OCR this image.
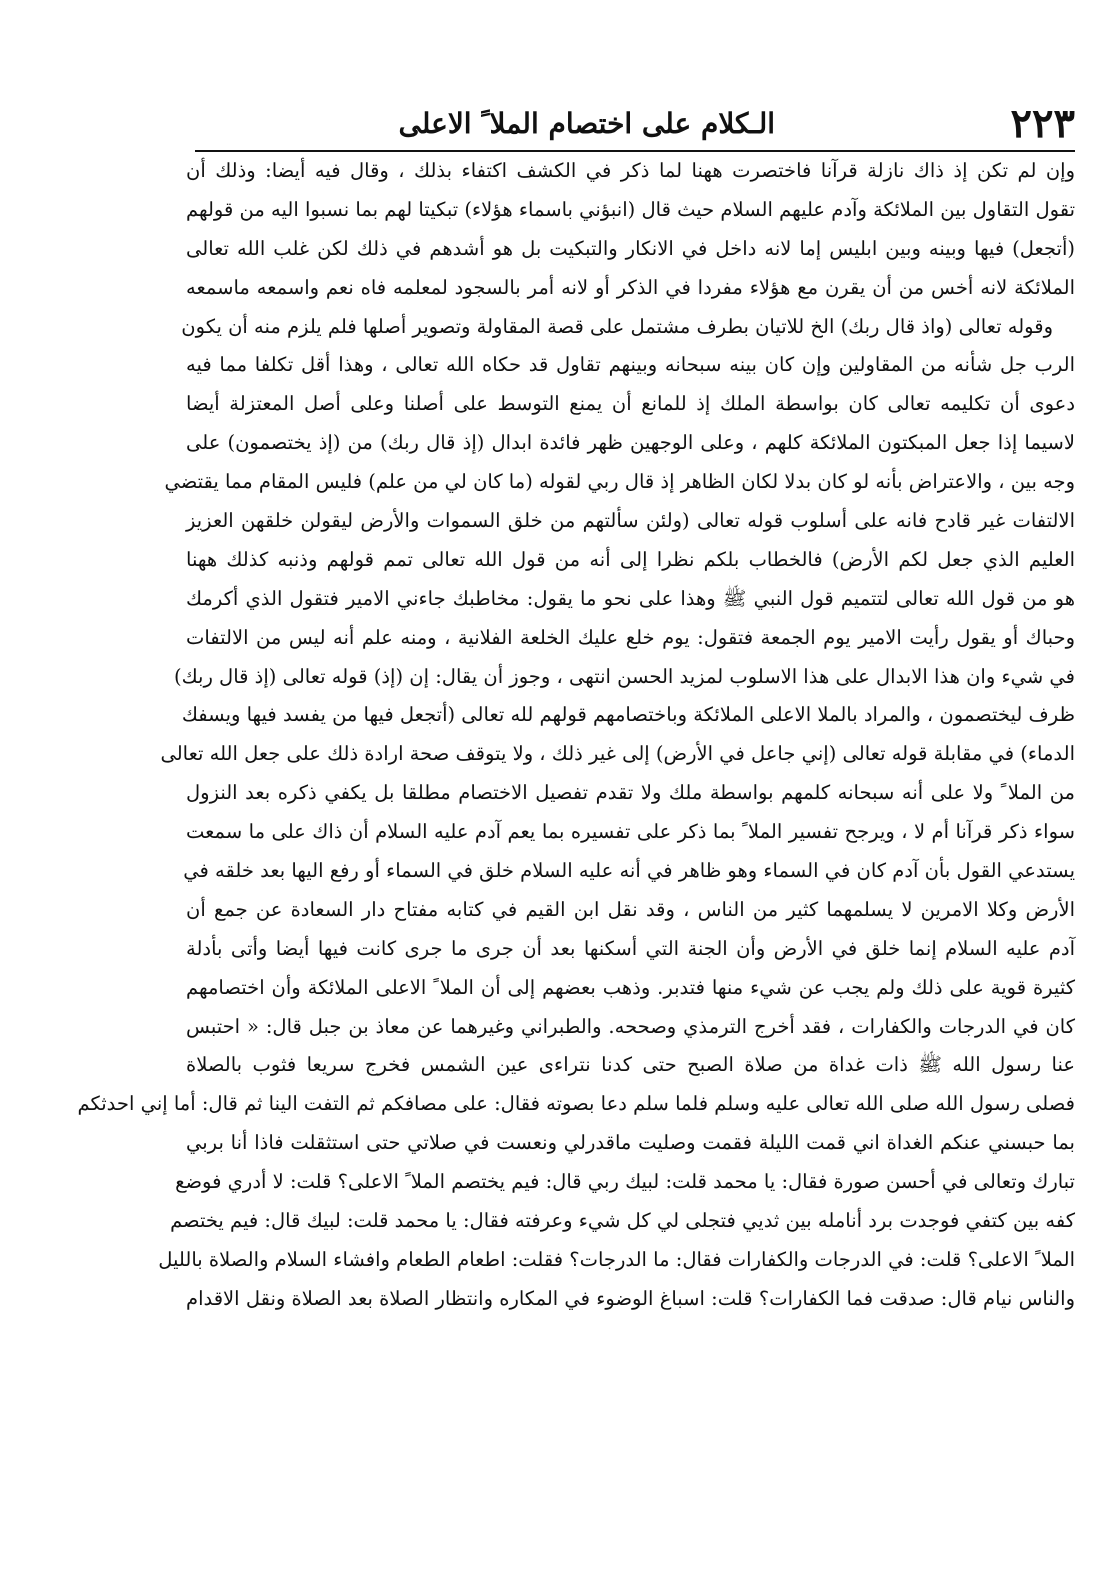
٢٢٣
الـكلام على اختصام الملا ً الاعلى
وإن لم تكن إذ ذاك نازلة قرآنا فاختصرت ههنا لما ذكر في الكشف اكتفاء بذلك ، وقال فيه أيضا: وذلك أن
تقول التقاول بين الملائكة وآدم عليهم السلام حيث قال (انبؤني باسماء هؤلاء) تبكيتا لهم بما نسبوا اليه من قولهم
(أتجعل) فيها وبينه وبين ابليس إما لانه داخل في الانكار والتبكيت بل هو أشدهم في ذلك لكن غلب الله تعالى
الملائكة لانه أخس من أن يقرن مع هؤلاء مفردا في الذكر أو لانه أمر بالسجود لمعلمه فاه نعم واسمعه ماسمعه
وقوله تعالى (واذ قال ربك) الخ للاتيان بطرف مشتمل على قصة المقاولة وتصوير أصلها فلم يلزم منه أن يكون
الرب جل شأنه من المقاولين وإن كان بينه سبحانه وبينهم تقاول قد حكاه الله تعالى ، وهذا أقل تكلفا مما فيه
دعوى أن تكليمه تعالى كان بواسطة الملك إذ للمانع أن يمنع التوسط على أصلنا وعلى أصل المعتزلة أيضا
لاسيما إذا جعل المبكتون الملائكة كلهم ، وعلى الوجهين ظهر فائدة ابدال (إذ قال ربك) من (إذ يختصمون) على
وجه بين ، والاعتراض بأنه لو كان بدلا لكان الظاهر إذ قال ربي لقوله (ما كان لي من علم) فليس المقام مما يقتضي
الالتفات غير قادح فانه على أسلوب قوله تعالى (ولئن سألتهم من خلق السموات والأرض ليقولن خلقهن العزيز
العليم الذي جعل لكم الأرض) فالخطاب بلكم نظرا إلى أنه من قول الله تعالى تمم قولهم وذنبه كذلك ههنا
هو من قول الله تعالى لتتميم قول النبي ﷺ وهذا على نحو ما يقول: مخاطبك جاءني الامير فتقول الذي أكرمك
وحباك أو يقول رأيت الامير يوم الجمعة فتقول: يوم خلع عليك الخلعة الفلانية ، ومنه علم أنه ليس من الالتفات
في شيء وان هذا الابدال على هذا الاسلوب لمزيد الحسن انتهى ، وجوز أن يقال: إن (إذ) قوله تعالى (إذ قال ربك)
ظرف ليختصمون ، والمراد بالملا الاعلى الملائكة وباختصامهم قولهم لله تعالى (أتجعل فيها من يفسد فيها ويسفك
الدماء) في مقابلة قوله تعالى (إني جاعل في الأرض) إلى غير ذلك ، ولا يتوقف صحة ارادة ذلك على جعل الله تعالى
من الملا ً ولا على أنه سبحانه كلمهم بواسطة ملك ولا تقدم تفصيل الاختصام مطلقا بل يكفي ذكره بعد النزول
سواء ذكر قرآنا أم لا ، ويرجح تفسير الملا ً بما ذكر على تفسيره بما يعم آدم عليه السلام أن ذاك على ما سمعت
يستدعي القول بأن آدم كان في السماء وهو ظاهر في أنه عليه السلام خلق في السماء أو رفع اليها بعد خلقه في
الأرض وكلا الامرين لا يسلمهما كثير من الناس ، وقد نقل ابن القيم في كتابه مفتاح دار السعادة عن جمع أن
آدم عليه السلام إنما خلق في الأرض وأن الجنة التي أسكنها بعد أن جرى ما جرى كانت فيها أيضا وأتى بأدلة
كثيرة قوية على ذلك ولم يجب عن شيء منها فتدبر. وذهب بعضهم إلى أن الملا ً الاعلى الملائكة وأن اختصامهم
كان في الدرجات والكفارات ، فقد أخرج الترمذي وصححه. والطبراني وغيرهما عن معاذ بن جبل قال: « احتبس
عنا رسول الله ﷺ ذات غداة من صلاة الصبح حتى كدنا نتراءى عين الشمس فخرج سريعا فثوب بالصلاة
فصلى رسول الله صلى الله تعالى عليه وسلم فلما سلم دعا بصوته فقال: على مصافكم ثم التفت الينا ثم قال: أما إني احدثكم
بما حبسني عنكم الغداة اني قمت الليلة فقمت وصليت ماقدرلي ونعست في صلاتي حتى استثقلت فاذا أنا بربي
تبارك وتعالى في أحسن صورة فقال: يا محمد قلت: لبيك ربي قال: فيم يختصم الملا ً الاعلى؟ قلت: لا أدري فوضع
كفه بين كتفي فوجدت برد أنامله بين ثديي فتجلى لي كل شيء وعرفته فقال: يا محمد قلت: لبيك قال: فيم يختصم
الملا ً الاعلى؟ قلت: في الدرجات والكفارات فقال: ما الدرجات؟ فقلت: اطعام الطعام وافشاء السلام والصلاة بالليل
والناس نيام قال: صدقت فما الكفارات؟ قلت: اسباغ الوضوء في المكاره وانتظار الصلاة بعد الصلاة ونقل الاقدام
